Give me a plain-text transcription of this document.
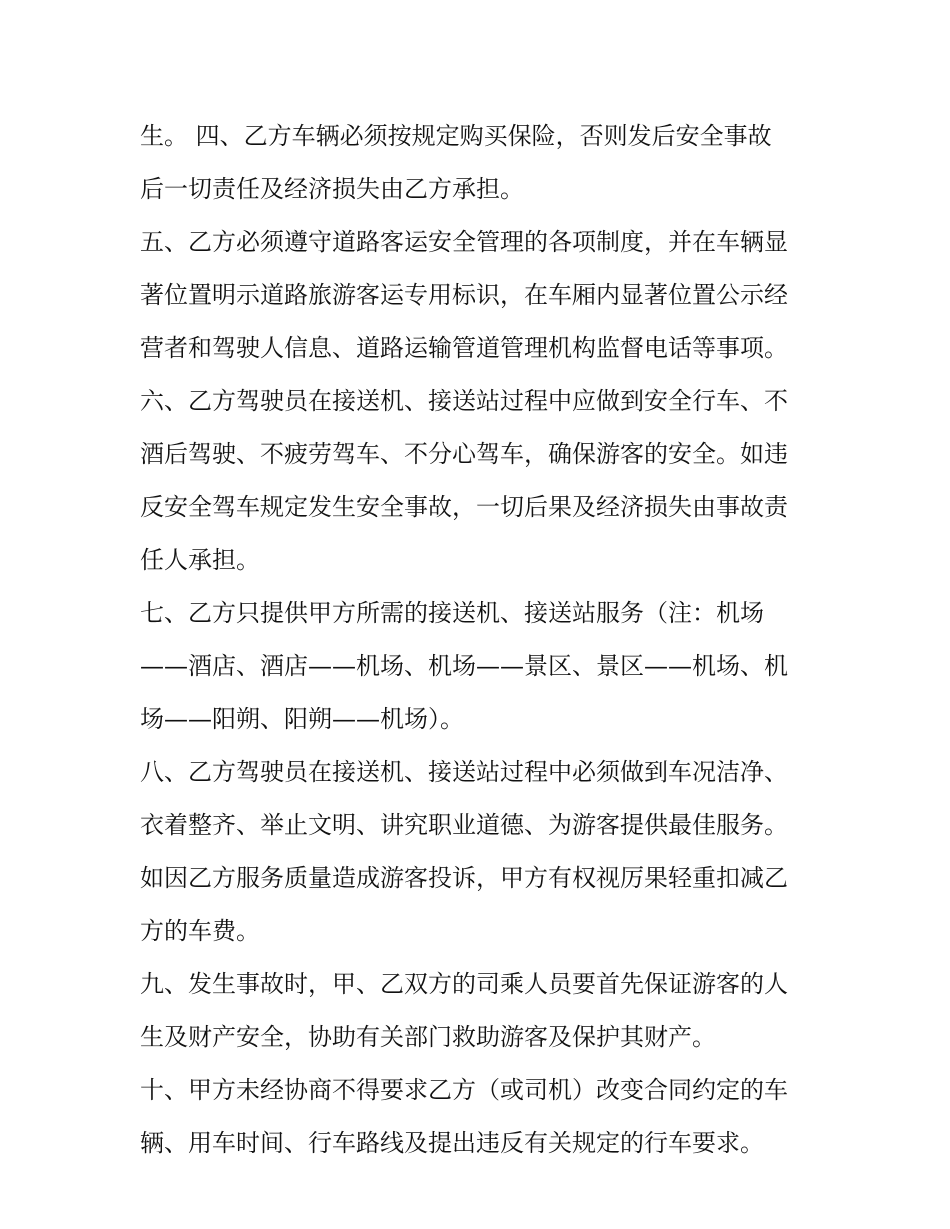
生。 四、乙方车辆必须按规定购买保险，否则发后安全事故
后一切责任及经济损失由乙方承担。
五、乙方必须遵守道路客运安全管理的各项制度，并在车辆显
著位置明示道路旅游客运专用标识，在车厢内显著位置公示经
营者和驾驶人信息、道路运输管道管理机构监督电话等事项。
六、乙方驾驶员在接送机、接送站过程中应做到安全行车、不
酒后驾驶、不疲劳驾车、不分心驾车，确保游客的安全。如违
反安全驾车规定发生安全事故，一切后果及经济损失由事故责
任人承担。
七、乙方只提供甲方所需的接送机、接送站服务（注：机场
——酒店、酒店——机场、机场——景区、景区——机场、机
场——阳朔、阳朔——机场）。
八、乙方驾驶员在接送机、接送站过程中必须做到车况洁净、
衣着整齐、举止文明、讲究职业道德、为游客提供最佳服务。
如因乙方服务质量造成游客投诉，甲方有权视厉果轻重扣减乙
方的车费。
九、发生事故时，甲、乙双方的司乘人员要首先保证游客的人
生及财产安全，协助有关部门救助游客及保护其财产。
十、甲方未经协商不得要求乙方（或司机）改变合同约定的车
辆、用车时间、行车路线及提出违反有关规定的行车要求。
